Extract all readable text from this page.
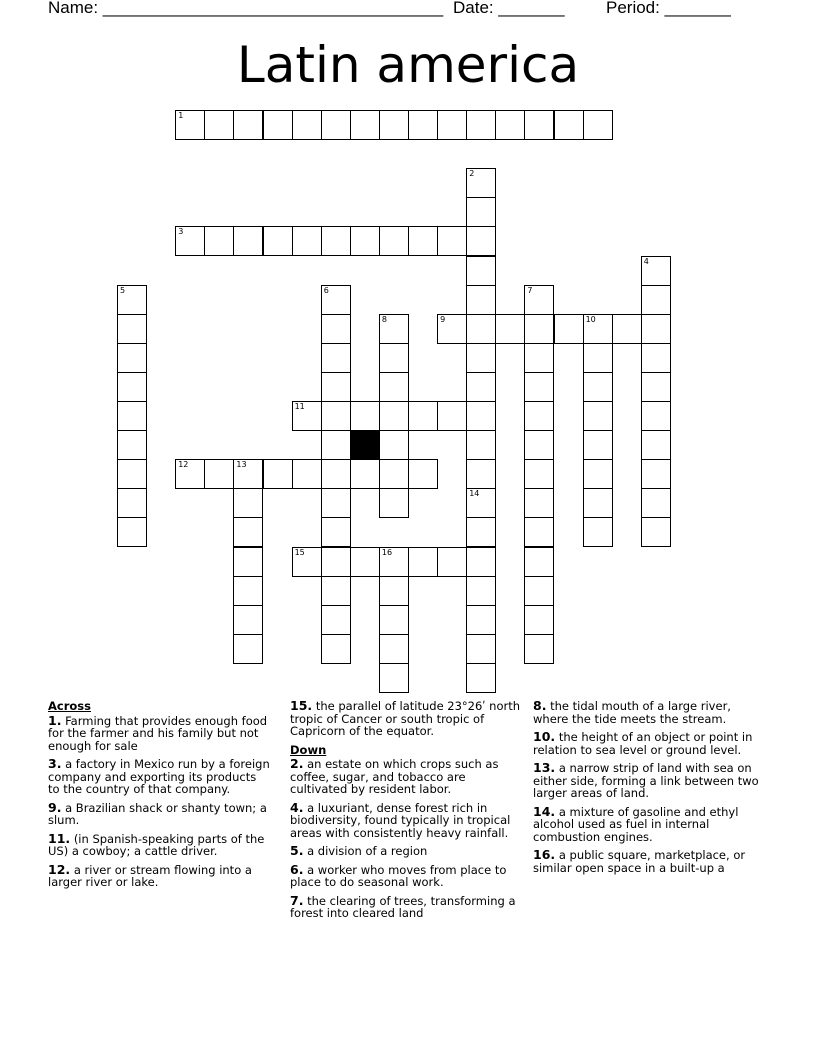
Name: ____________________________________ Date: _______ Period: _______
Latin america
1
2
3
4
5	6	7
8	9	10
11
12	13
14
15	16
Across
1. Farming that provides enough food for the farmer and his family but not enough for sale
3. a factory in Mexico run by a foreign company and exporting its products to the country of that company.
9. a Brazilian shack or shanty town; a slum.
11. (in Spanish-speaking parts of the US) a cowboy; a cattle driver.
12. a river or stream flowing into a larger river or lake.
15. the parallel of latitude 23°26ʹ north tropic of Cancer or south tropic of Capricorn of the equator.
Down
2. an estate on which crops such as coffee, sugar, and tobacco are cultivated by resident labor.
4. a luxuriant, dense forest rich in biodiversity, found typically in tropical areas with consistently heavy rainfall.
5. a division of a region
6. a worker who moves from place to place to do seasonal work.
7. the clearing of trees, transforming a forest into cleared land
8. the tidal mouth of a large river, where the tide meets the stream.
10. the height of an object or point in relation to sea level or ground level.
13. a narrow strip of land with sea on either side, forming a link between two larger areas of land.
14. a mixture of gasoline and ethyl alcohol used as fuel in internal combustion engines.
16. a public square, marketplace, or similar open space in a built-up a
